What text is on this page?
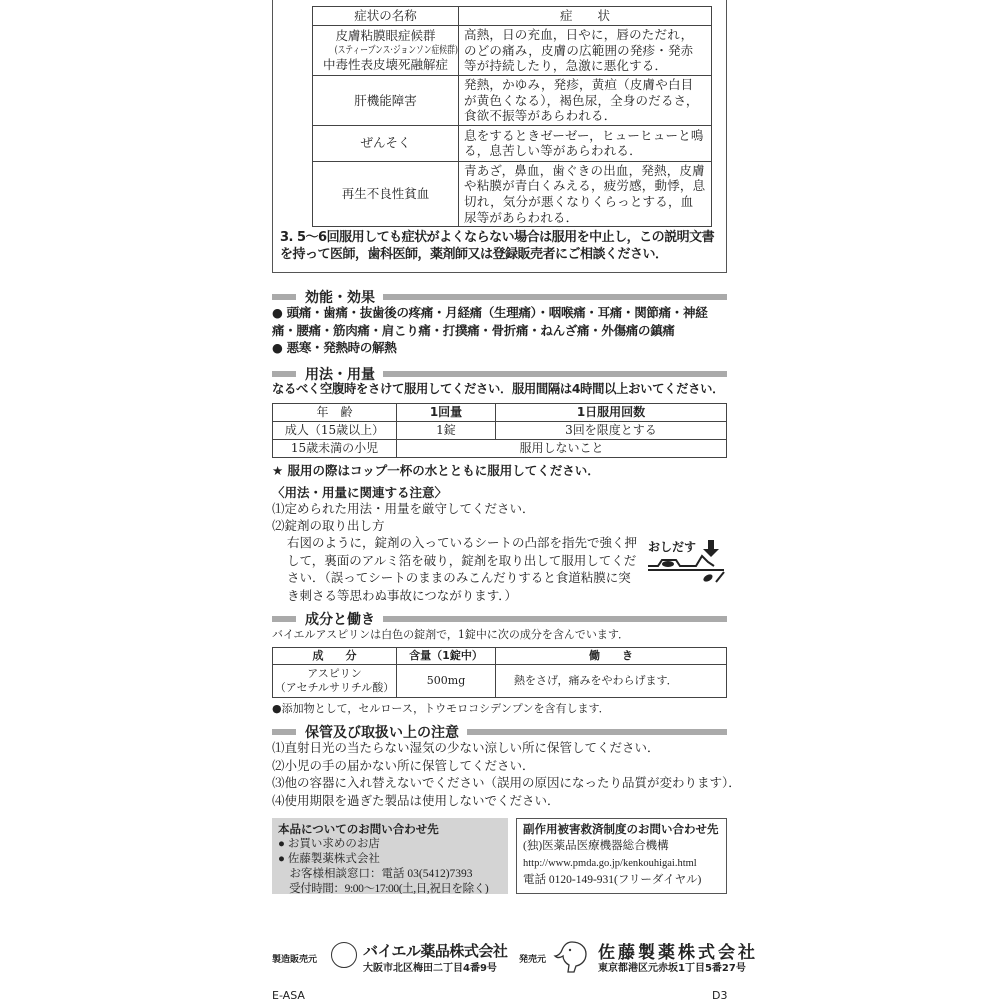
症状の名称	症　　状

皮膚粘膜眼症候群
(スティーブンス·ジョンソン症候群)
中毒性表皮壊死融解症	高熱，日の充血，日やに，唇のただれ，のどの痛み，皮膚の広範囲の発疹・発赤等が持続したり，急激に悪化する．
肝機能障害	発熱，かゆみ，発疹，黄疸（皮膚や白目が黄色くなる），褐色尿，全身のだるさ，食欲不振等があらわれる．
ぜんそく	息をするときゼーゼー，ヒューヒューと鳴る，息苦しい等があらわれる．
再生不良性貧血	青あざ，鼻血，歯ぐきの出血，発熱，皮膚や粘膜が青白くみえる，疲労感，動悸，息切れ，気分が悪くなりくらっとする，血尿等があらわれる．
3. 5〜6回服用しても症状がよくならない場合は服用を中止し，この説明文書を持って医師，歯科医師，薬剤師又は登録販売者にご相談ください．
効能・効果
● 頭痛・歯痛・抜歯後の疼痛・月経痛（生理痛）・咽喉痛・耳痛・関節痛・神経痛・腰痛・筋肉痛・肩こり痛・打撲痛・骨折痛・ねんざ痛・外傷痛の鎮痛
● 悪寒・発熱時の解熱
用法・用量
なるべく空腹時をさけて服用してください．服用間隔は4時間以上おいてください．
年　齢	1回量	1日服用回数
成人（15歳以上）	1錠	3回を限度とする
15歳未満の小児	服用しないこと	
★ 服用の際はコップ一杯の水とともに服用してください．
〈用法・用量に関連する注意〉
⑴定められた用法・用量を厳守してください．
⑵錠剤の取り出し方
右図のように，錠剤の入っているシートの凸部を指先で強く押して，裏面のアルミ箔を破り，錠剤を取り出して服用してください．（誤ってシートのままのみこんだりすると食道粘膜に突き刺さる等思わぬ事故につながります．）
おしだす
成分と働き
バイエルアスピリンは白色の錠剤で，1錠中に次の成分を含んでいます．
成　　分	含量（1錠中）	働　　き

アスピリン
（アセチルサリチル酸）	500mg	熱をさげ，痛みをやわらげます．
●添加物として，セルロース，トウモロコシデンプンを含有します．
保管及び取扱い上の注意
⑴直射日光の当たらない湿気の少ない涼しい所に保管してください．
⑵小児の手の届かない所に保管してください．
⑶他の容器に入れ替えないでください（誤用の原因になったり品質が変わります）．
⑷使用期限を過ぎた製品は使用しないでください．
本品についてのお問い合わせ先
● お買い求めのお店
● 佐藤製薬株式会社
　お客様相談窓口：電話 03(5412)7393
　受付時間：9:00〜17:00(土,日,祝日を除く)
副作用被害救済制度のお問い合わせ先
(独)医薬品医療機器総合機構
http://www.pmda.go.jp/kenkouhigai.html
電話 0120-149-931(フリーダイヤル)
製造販売元	バイエル薬品株式会社
大阪市北区梅田二丁目4番9号
発売元	佐藤製薬株式会社
東京都港区元赤坂1丁目5番27号
E-ASA	D3
